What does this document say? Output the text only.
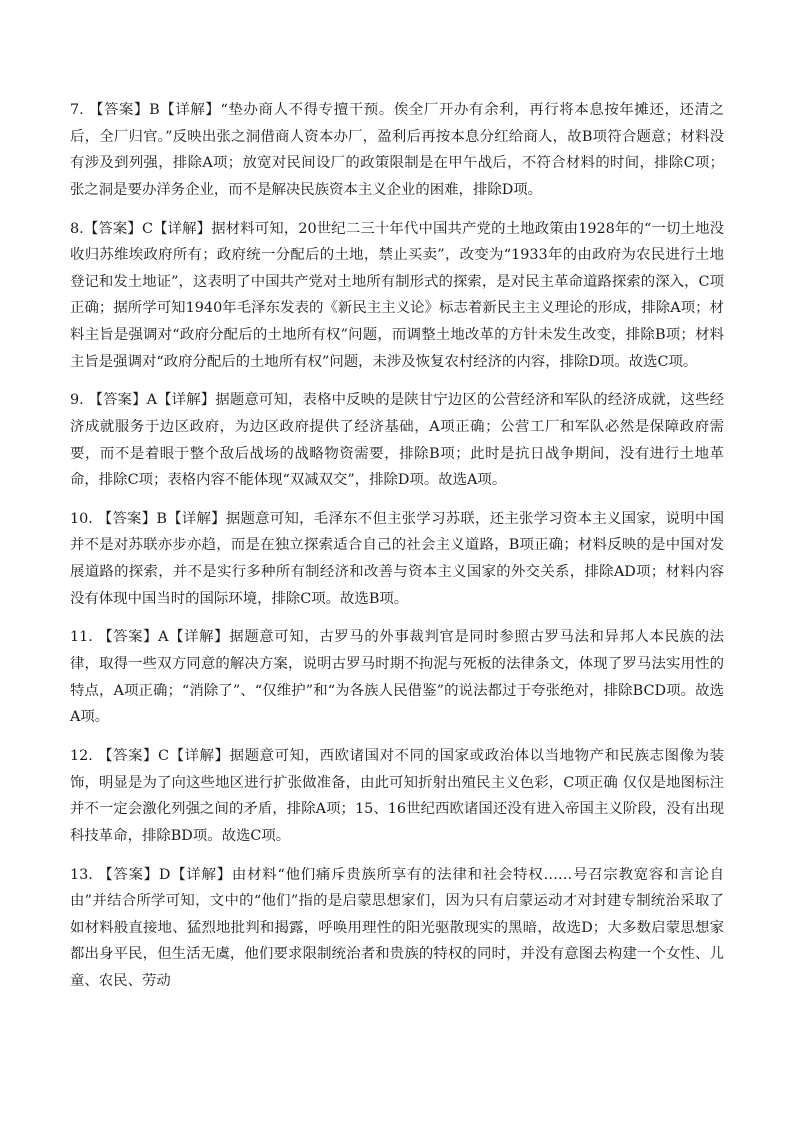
7. 【答案】B【详解】“垫办商人不得专擅干预。俟全厂开办有余利，再行将本息按年摊还，还清之后，全厂归官。”反映出张之洞借商人资本办厂，盈利后再按本息分红给商人，故B项符合题意；材料没有涉及到列强，排除A项；放宽对民间设厂的政策限制是在甲午战后，不符合材料的时间，排除C项；张之洞是要办洋务企业，而不是解决民族资本主义企业的困难，排除D项。

8.【答案】C【详解】据材料可知，20世纪二三十年代中国共产党的土地政策由1928年的“一切土地没收归苏维埃政府所有；政府统一分配后的土地，禁止买卖”，改变为“1933年的由政府为农民进行土地登记和发土地证”，这表明了中国共产党对土地所有制形式的探索，是对民主革命道路探索的深入，C项正确；据所学可知1940年毛泽东发表的《新民主主义论》标志着新民主主义理论的形成，排除A项；材料主旨是强调对“政府分配后的土地所有权”问题，而调整土地改革的方针未发生改变，排除B项；材料主旨是强调对“政府分配后的土地所有权”问题，未涉及恢复农村经济的内容，排除D项。故选C项。

9. 【答案】A【详解】据题意可知，表格中反映的是陕甘宁边区的公营经济和军队的经济成就，这些经济成就服务于边区政府，为边区政府提供了经济基础，A项正确；公营工厂和军队必然是保障政府需要，而不是着眼于整个敌后战场的战略物资需要，排除B项；此时是抗日战争期间，没有进行土地革命，排除C项；表格内容不能体现“双减双交”，排除D项。故选A项。

10. 【答案】B【详解】据题意可知，毛泽东不但主张学习苏联，还主张学习资本主义国家，说明中国并不是对苏联亦步亦趋，而是在独立探索适合自己的社会主义道路，B项正确；材料反映的是中国对发展道路的探索，并不是实行多种所有制经济和改善与资本主义国家的外交关系，排除AD项；材料内容没有体现中国当时的国际环境，排除C项。故选B项。

11. 【答案】A【详解】据题意可知，古罗马的外事裁判官是同时参照古罗马法和异邦人本民族的法律，取得一些双方同意的解决方案，说明古罗马时期不拘泥与死板的法律条文，体现了罗马法实用性的特点，A项正确；“消除了”、“仅维护”和“为各族人民借鉴”的说法都过于夸张绝对，排除BCD项。故选A项。

12. 【答案】C【详解】据题意可知，西欧诸国对不同的国家或政治体以当地物产和民族志图像为装饰，明显是为了向这些地区进行扩张做准备，由此可知折射出殖民主义色彩，C项正确 仅仅是地图标注并不一定会激化列强之间的矛盾，排除A项；15、16世纪西欧诸国还没有进入帝国主义阶段，没有出现科技革命，排除BD项。故选C项。

13. 【答案】D【详解】由材料“他们痛斥贵族所享有的法律和社会特权……号召宗教宽容和言论自由”并结合所学可知，文中的“他们”指的是启蒙思想家们，因为只有启蒙运动才对封建专制统治采取了如材料般直接地、猛烈地批判和揭露，呼唤用理性的阳光驱散现实的黑暗，故选D；大多数启蒙思想家都出身平民，但生活无虞，他们要求限制统治者和贵族的特权的同时，并没有意图去构建一个女性、儿童、农民、劳动
